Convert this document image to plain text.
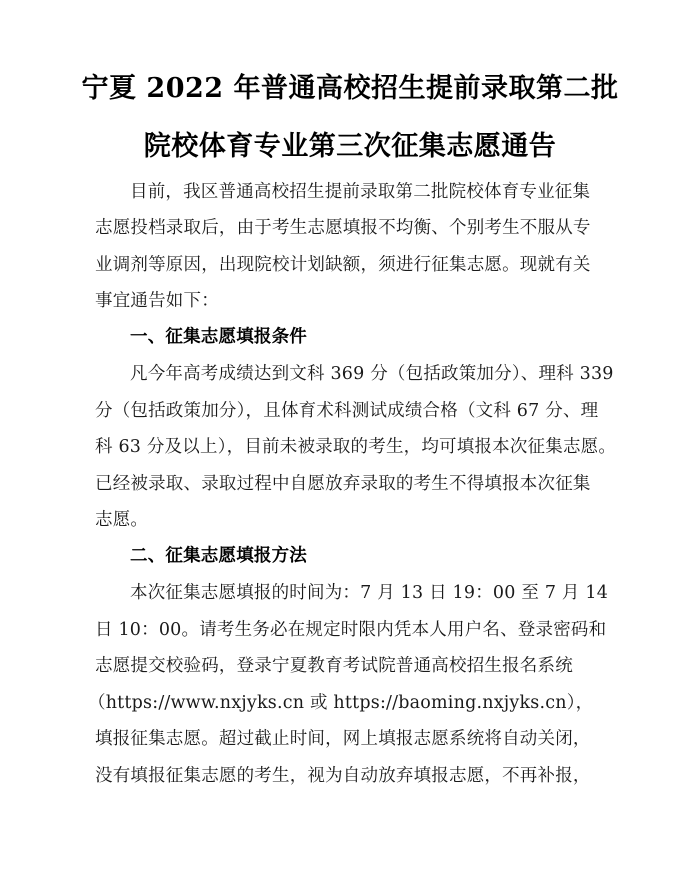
宁夏 2022 年普通高校招生提前录取第二批
院校体育专业第三次征集志愿通告
目前，我区普通高校招生提前录取第二批院校体育专业征集
志愿投档录取后，由于考生志愿填报不均衡、个别考生不服从专
业调剂等原因，出现院校计划缺额，须进行征集志愿。现就有关
事宜通告如下：
一、征集志愿填报条件
凡今年高考成绩达到文科 369 分（包括政策加分）、理科 339
分（包括政策加分），且体育术科测试成绩合格（文科 67 分、理
科 63 分及以上），目前未被录取的考生，均可填报本次征集志愿。
已经被录取、录取过程中自愿放弃录取的考生不得填报本次征集
志愿。
二、征集志愿填报方法
本次征集志愿填报的时间为：7 月 13 日 19：00 至 7 月 14
日 10：00。请考生务必在规定时限内凭本人用户名、登录密码和
志愿提交校验码，登录宁夏教育考试院普通高校招生报名系统
（https://www.nxjyks.cn 或 https://baoming.nxjyks.cn），
填报征集志愿。超过截止时间，网上填报志愿系统将自动关闭，
没有填报征集志愿的考生，视为自动放弃填报志愿，不再补报，
